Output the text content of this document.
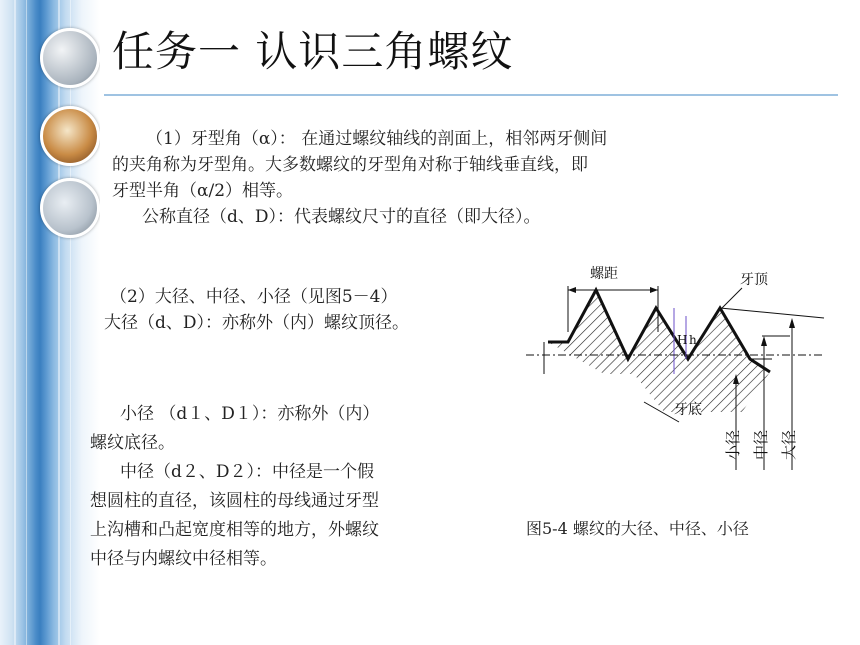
任务一 认识三角螺纹
（1）牙型角（α）： 在通过螺纹轴线的剖面上，相邻两牙侧间
的夹角称为牙型角。大多数螺纹的牙型角对称于轴线垂直线，即
牙型半角（α/2）相等。
公称直径（d、D）：代表螺纹尺寸的直径（即大径）。
（2）大径、中径、小径（见图5－4）
大径（d、D）：亦称外（内）螺纹顶径。
小径 （d１、D１）：亦称外（内）
螺纹底径。
中径（d２、D２）：中径是一个假
想圆柱的直径，该圆柱的母线通过牙型
上沟槽和凸起宽度相等的地方，外螺纹
中径与内螺纹中径相等。
螺距	牙顶
H h
牙底
小径 中径 大径
图5-4 螺纹的大径、中径、小径
